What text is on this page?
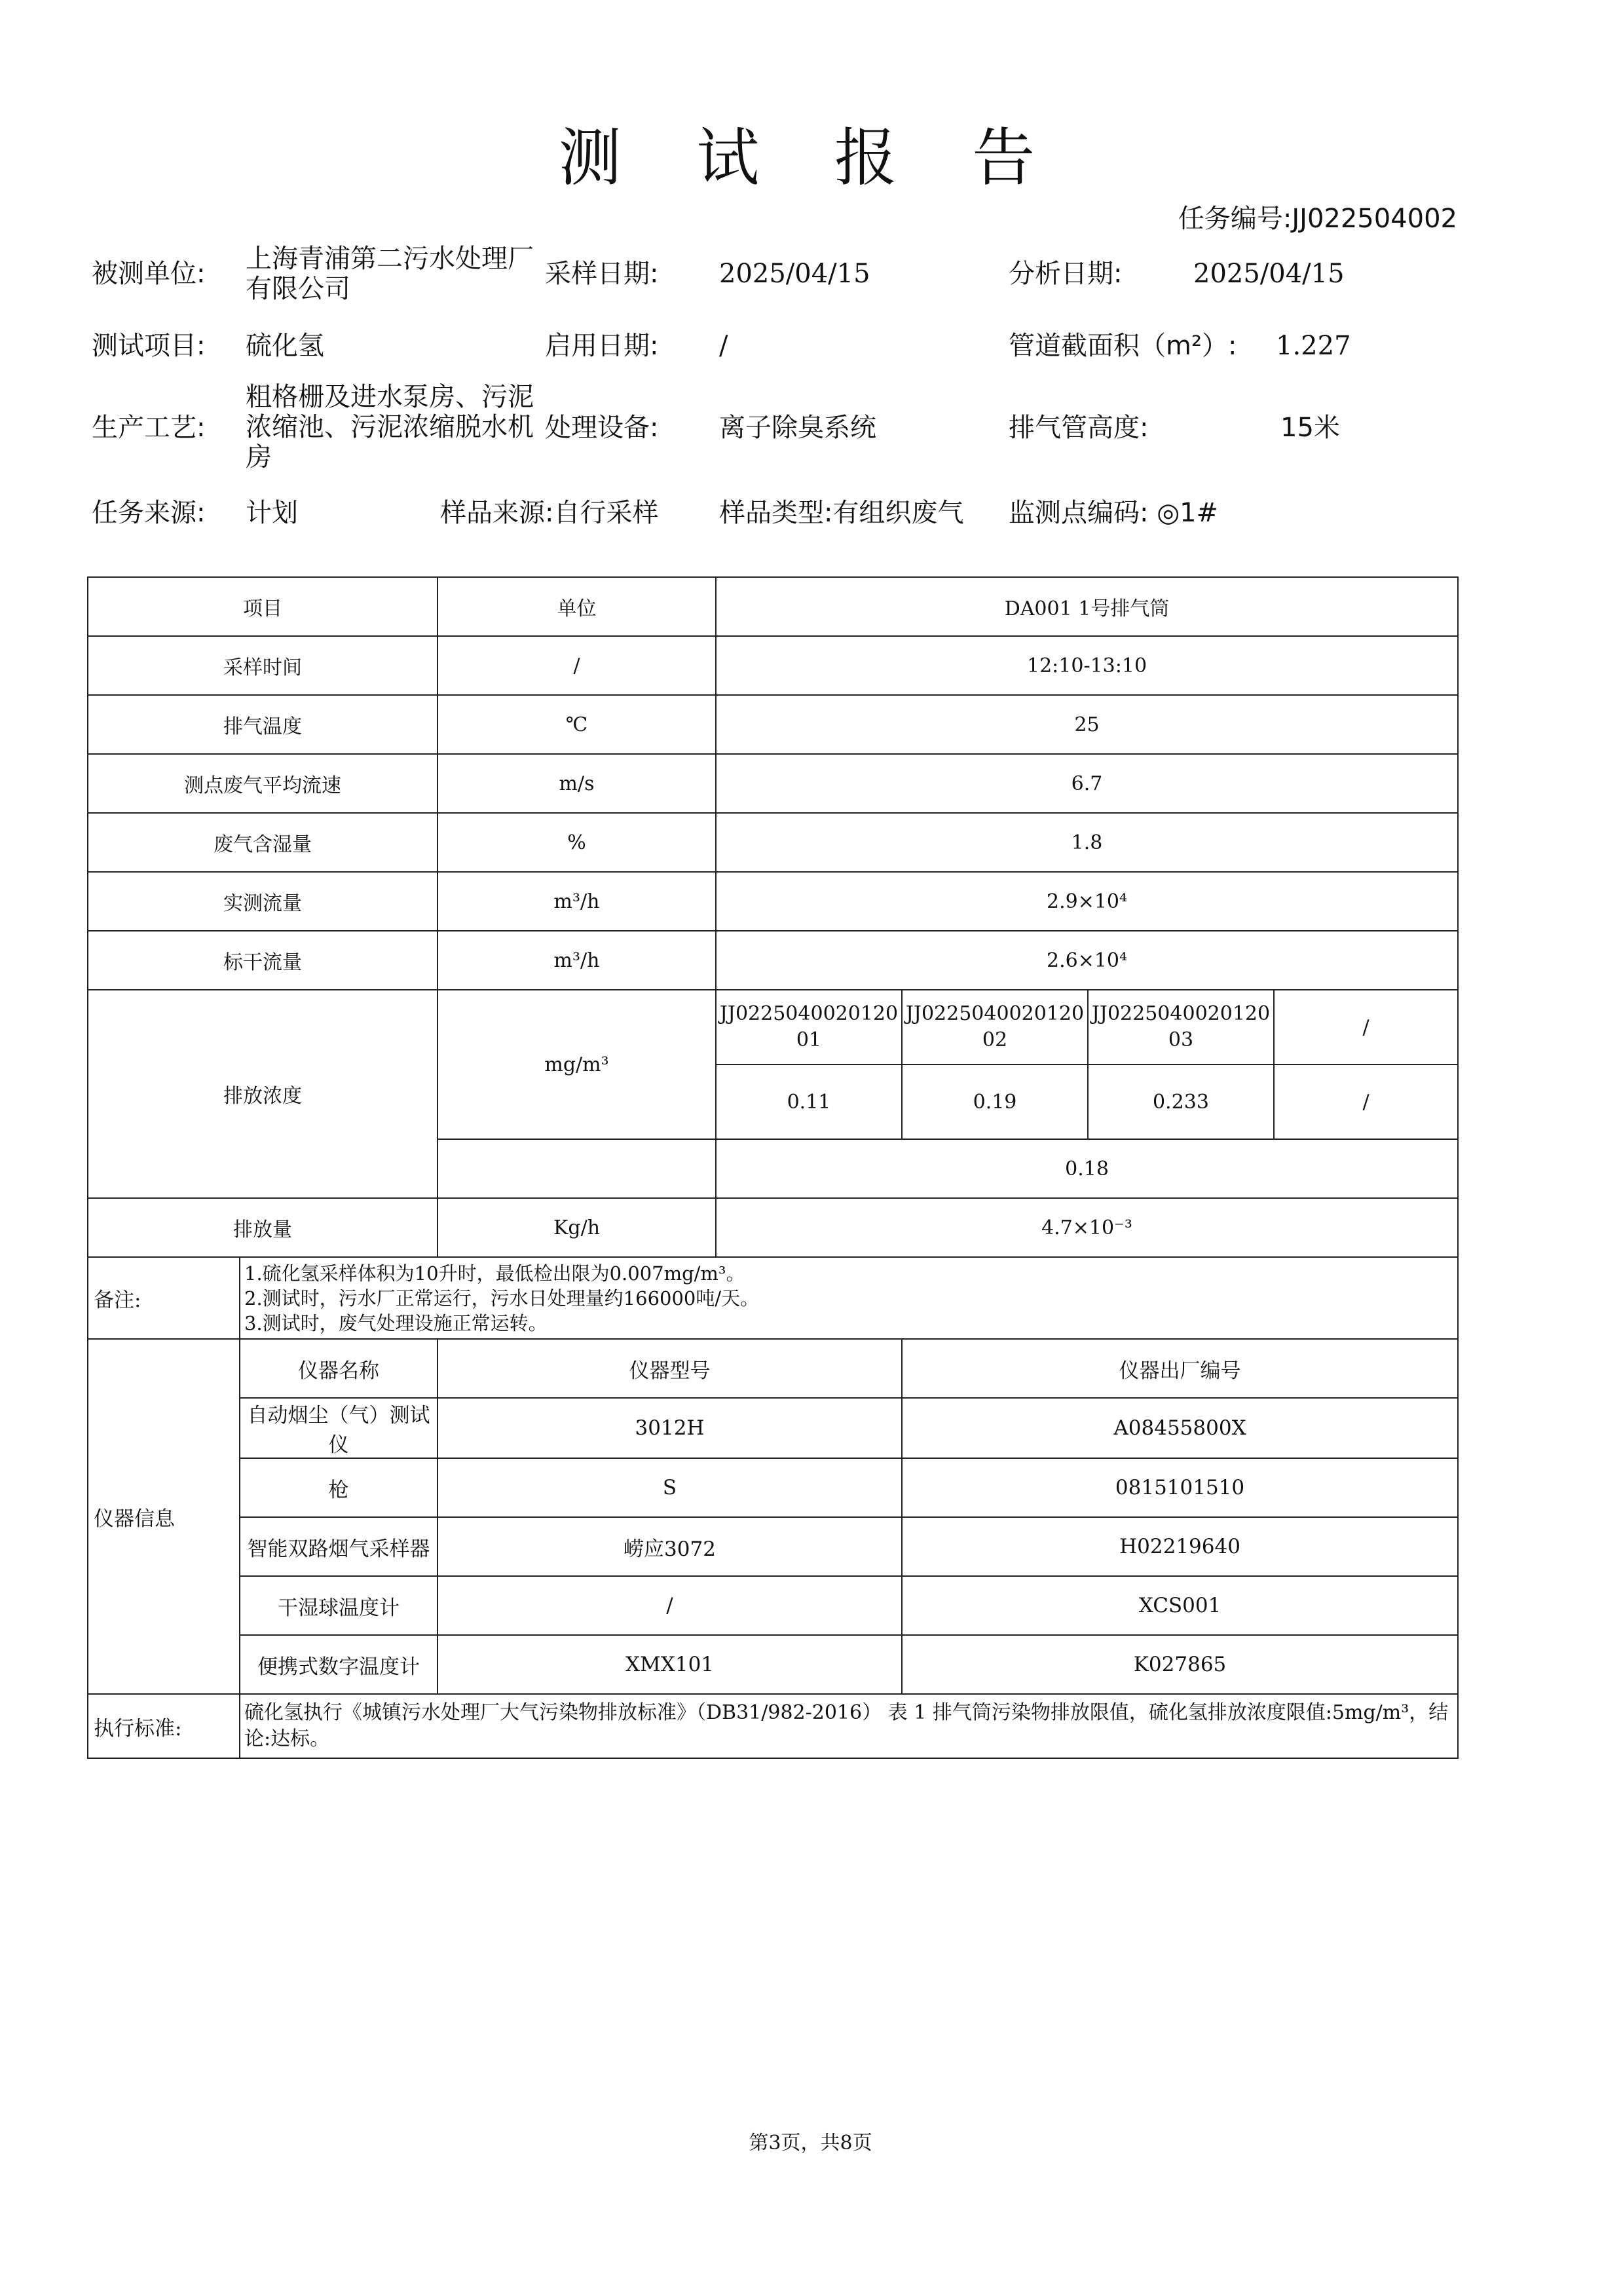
测 试 报 告
任务编号:JJ022504002
被测单位: 上海青浦第二污水处理厂有限公司	采样日期: 2025/04/15	分析日期:	2025/04/15
测试项目: 硫化氢	启用日期: /	管道截面积（m²）: 1.227
生产工艺:
粗格栅及进水泵房、污泥浓缩池、污泥浓缩脱水机房
处理设备: 离子除臭系统	排气管高度:	15米
任务来源: 计划	样品来源:自行采样 样品类型:有组织废气 监测点编码: ◎1#
项目		单位	DA001 1号排气筒			
采样时间		/	12:10-13:10			
排气温度		℃	25			
测点废气平均流速		m/s	6.7			
废气含湿量		%	1.8			
实测流量		m³/h	2.9×10⁴			
标干流量		m³/h	2.6×10⁴			
排放浓度		mg/m³	JJ022504002012001	JJ022504002012002	JJ022504002012003	/
			0.11	0.19	0.233	/
			0.18			
排放量		Kg/h	4.7×10⁻³			
备注:	1.硫化氢采样体积为10升时，最低检出限为0.007mg/m³。
2.测试时，污水厂正常运行，污水日处理量约166000吨/天。
3.测试时，废气处理设施正常运转。					

仪器信息	仪器名称	仪器型号		仪器出厂编号		
	自动烟尘（气）测试仪	3012H		A08455800X		
	枪	S		0815101510		
	智能双路烟气采样器	崂应3072		H02219640		
	干湿球温度计	/		XCS001		
	便携式数字温度计	XMX101		K027865		
执行标准:	硫化氢执行《城镇污水处理厂大气污染物排放标准》（DB31/982-2016） 表 1 排气筒污染物排放限值，硫化氢排放浓度限值:5mg/m³，结论:达标。					
第3页，共8页
